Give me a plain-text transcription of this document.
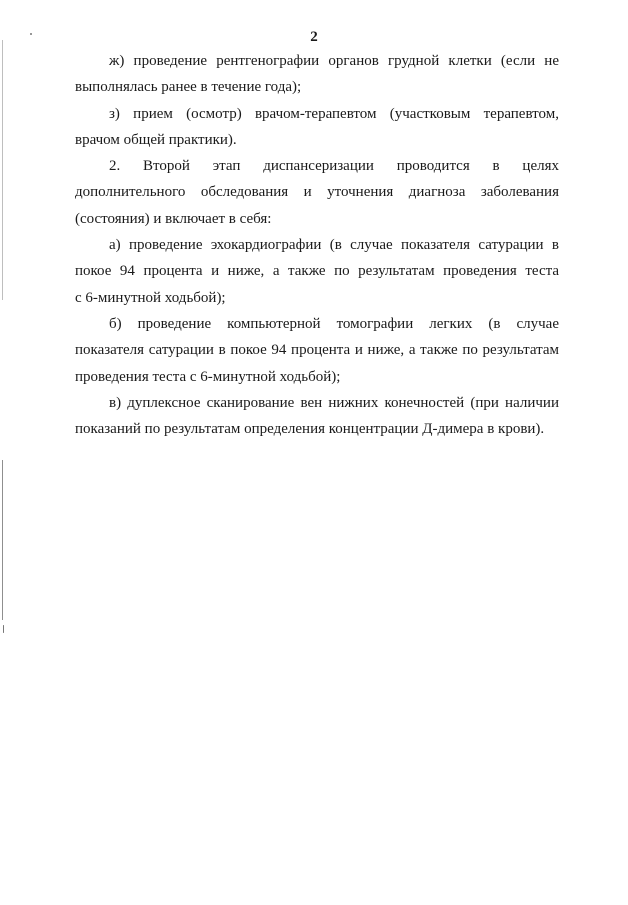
2

ж) проведение рентгенографии органов грудной клетки (если не
выполнялась ранее в течение года);

з) прием (осмотр) врачом-терапевтом (участковым терапевтом,
врачом общей практики).

2. Второй этап диспансеризации проводится в целях
дополнительного обследования и уточнения диагноза заболевания
(состояния) и включает в себя:

а) проведение эхокардиографии (в случае показателя сатурации в
покое 94 процента и ниже, а также по результатам проведения теста
с 6-минутной ходьбой);

б) проведение компьютерной томографии легких (в случае
показателя сатурации в покое 94 процента и ниже, а также по результатам
проведения теста с 6-минутной ходьбой);

в) дуплексное сканирование вен нижних конечностей (при наличии
показаний по результатам определения концентрации Д-димера в крови).
